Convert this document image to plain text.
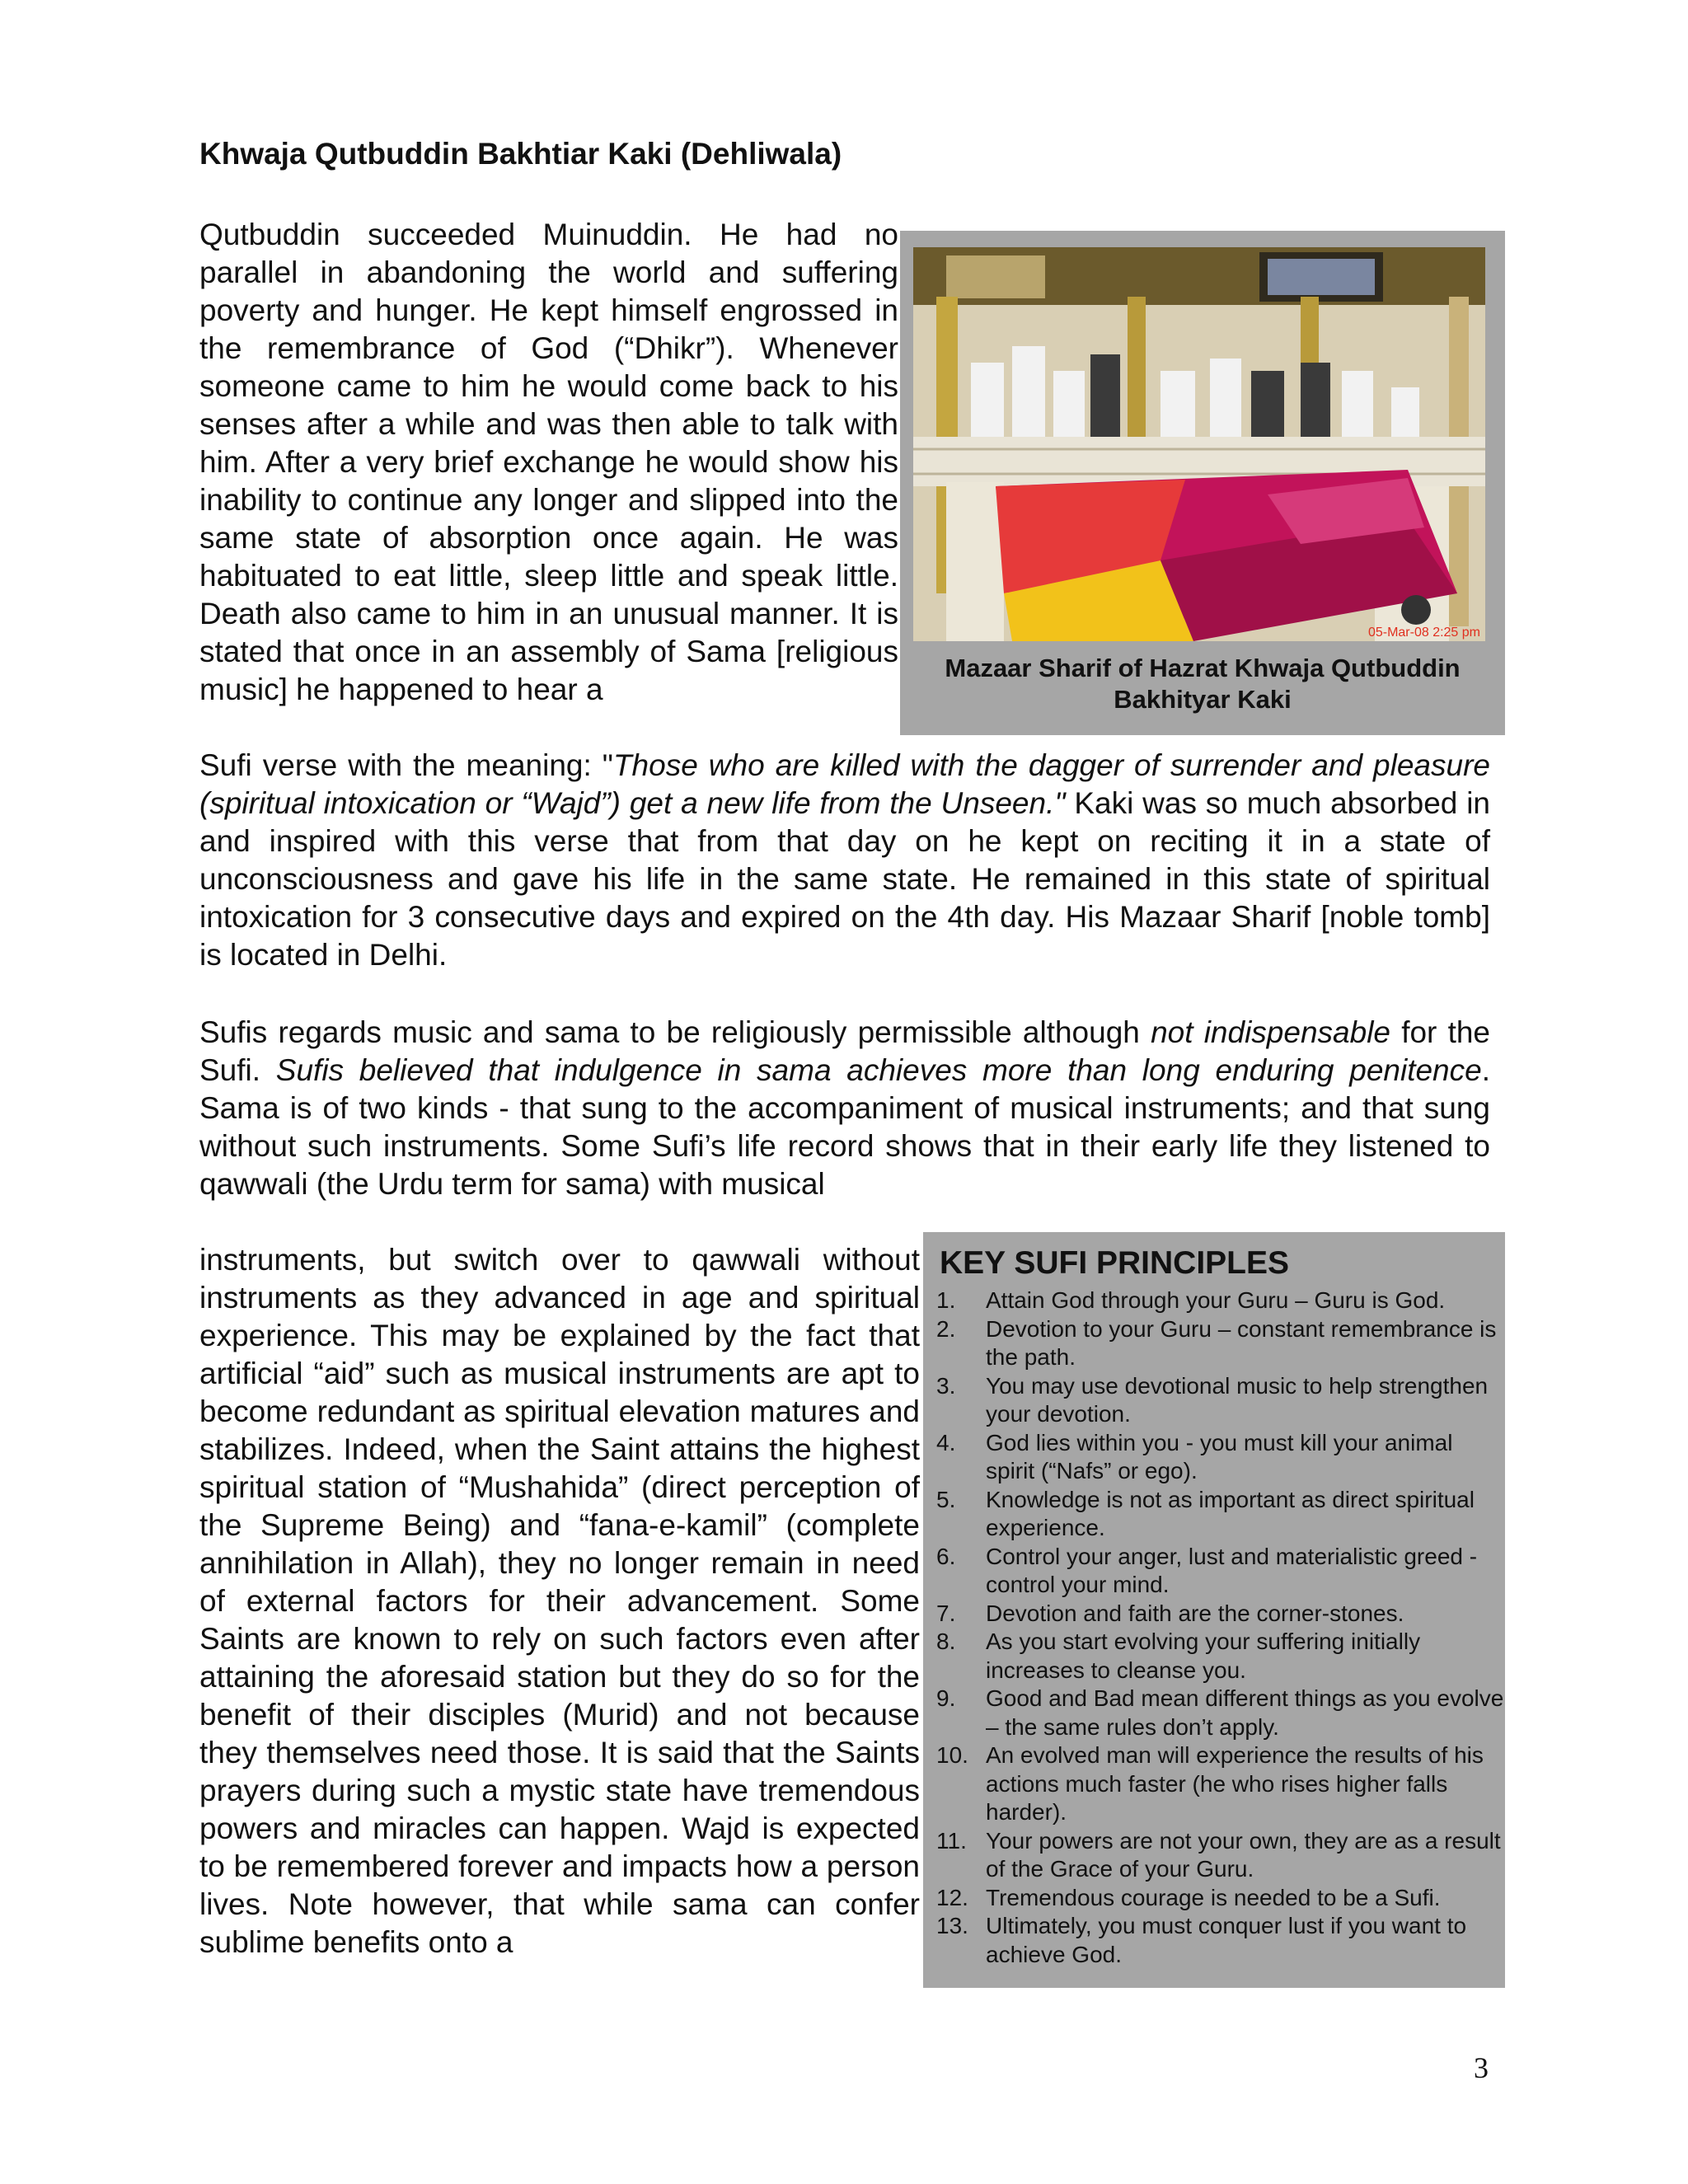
Khwaja Qutbuddin Bakhtiar Kaki (Dehliwala)

Qutbuddin succeeded Muinuddin. He had no parallel in abandoning the world and suffering poverty and hunger. He kept himself engrossed in the remembrance of God (“Dhikr”). Whenever someone came to him he would come back to his senses after a while and was then able to talk with him. After a very brief exchange he would show his inability to continue any longer and slipped into the same state of absorption once again. He was habituated to eat little, sleep little and speak little. Death also came to him in an unusual manner. It is stated that once in an assembly of Sama [religious music] he happened to hear a

05-Mar-08 2:25 pm
Mazaar Sharif of Hazrat Khwaja Qutbuddin Bakhityar Kaki

Sufi verse with the meaning: "Those who are killed with the dagger of surrender and pleasure (spiritual intoxication or “Wajd”) get a new life from the Unseen." Kaki was so much absorbed in and inspired with this verse that from that day on he kept on reciting it in a state of unconsciousness and gave his life in the same state. He remained in this state of spiritual intoxication for 3 consecutive days and expired on the 4th day. His Mazaar Sharif [noble tomb] is located in Delhi.

Sufis regards music and sama to be religiously permissible although not indispensable for the Sufi. Sufis believed that indulgence in sama achieves more than long enduring penitence. Sama is of two kinds - that sung to the accompaniment of musical instruments; and that sung without such instruments. Some Sufi’s life record shows that in their early life they listened to qawwali (the Urdu term for sama) with musical

instruments, but switch over to qawwali without instruments as they advanced in age and spiritual experience. This may be explained by the fact that artificial “aid” such as musical instruments are apt to become redundant as spiritual elevation matures and stabilizes. Indeed, when the Saint attains the highest spiritual station of “Mushahida” (direct perception of the Supreme Being) and “fana-e-kamil” (complete annihilation in Allah), they no longer remain in need of external factors for their advancement. Some Saints are known to rely on such factors even after attaining the aforesaid station but they do so for the benefit of their disciples (Murid) and not because they themselves need those. It is said that the Saints prayers during such a mystic state have tremendous powers and miracles can happen. Wajd is expected to be remembered forever and impacts how a person lives. Note however, that while sama can confer sublime benefits onto a

KEY SUFI PRINCIPLES
1. Attain God through your Guru – Guru is God.
2. Devotion to your Guru – constant remembrance is the path.
3. You may use devotional music to help strengthen your devotion.
4. God lies within you - you must kill your animal spirit (“Nafs” or ego).
5. Knowledge is not as important as direct spiritual experience.
6. Control your anger, lust and materialistic greed - control your mind.
7. Devotion and faith are the corner-stones.
8. As you start evolving your suffering initially increases to cleanse you.
9. Good and Bad mean different things as you evolve – the same rules don’t apply.
10. An evolved man will experience the results of his actions much faster (he who rises higher falls harder).
11. Your powers are not your own, they are as a result of the Grace of your Guru.
12. Tremendous courage is needed to be a Sufi.
13. Ultimately, you must conquer lust if you want to achieve God.
3
